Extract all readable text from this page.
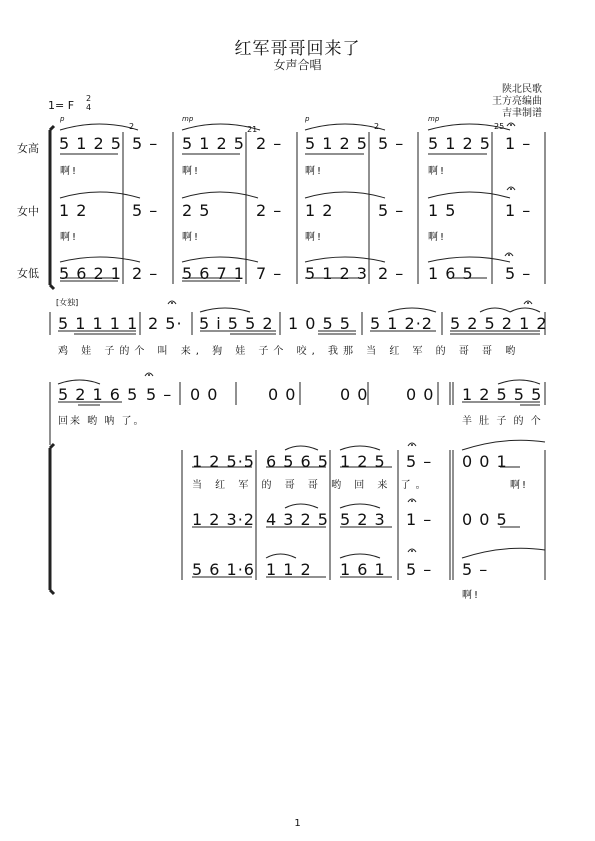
红军哥哥回来了
女声合唱
陕北民歌
王方亮编曲
吉聿制谱
1= F
2
4
女高
女中
女低
p	mp	p	mp
2	21	2	25
5 1 2 5 5 – 5 1 2 5 2 – 5 1 2 5 5 – 5 1 2 5 1 –
啊!	啊!	啊!	啊!
1 2	5 – 2 5	2 – 1 2	5 – 1 5	1 –
啊!	啊!	啊!	啊!
5 6 2 1 2 – 5 6 7 1 7 – 5 1 2 3 2 – 1 6 5 5 –
[女独]
5 1 1 1 1 2 5· 5 i 5 5 2 1 0 5 5 5 1 2·2 5 2 5 2 1 2
鸡 娃 子的个 叫 来, 狗 娃 子个 咬, 我那 当 红 军 的 哥 哥 哟
5 2 1 6 5 5 – 0 0	0 0	0 0 0 0 1 2 5 5 5
回来 哟 呐 了。	羊 肚 子 的 个
1 2 5·5 6 5 6 5 1 2 5 5 – 0 0 1
当 红 军 的 哥 哥 哟 回 来 了。	啊!
1 2 3·2 4 3 2 5 5 2 3 1 – 0 0 5
5 6 1·6 1 1 2 1 6 1 5 – 5 –
啊!
1
